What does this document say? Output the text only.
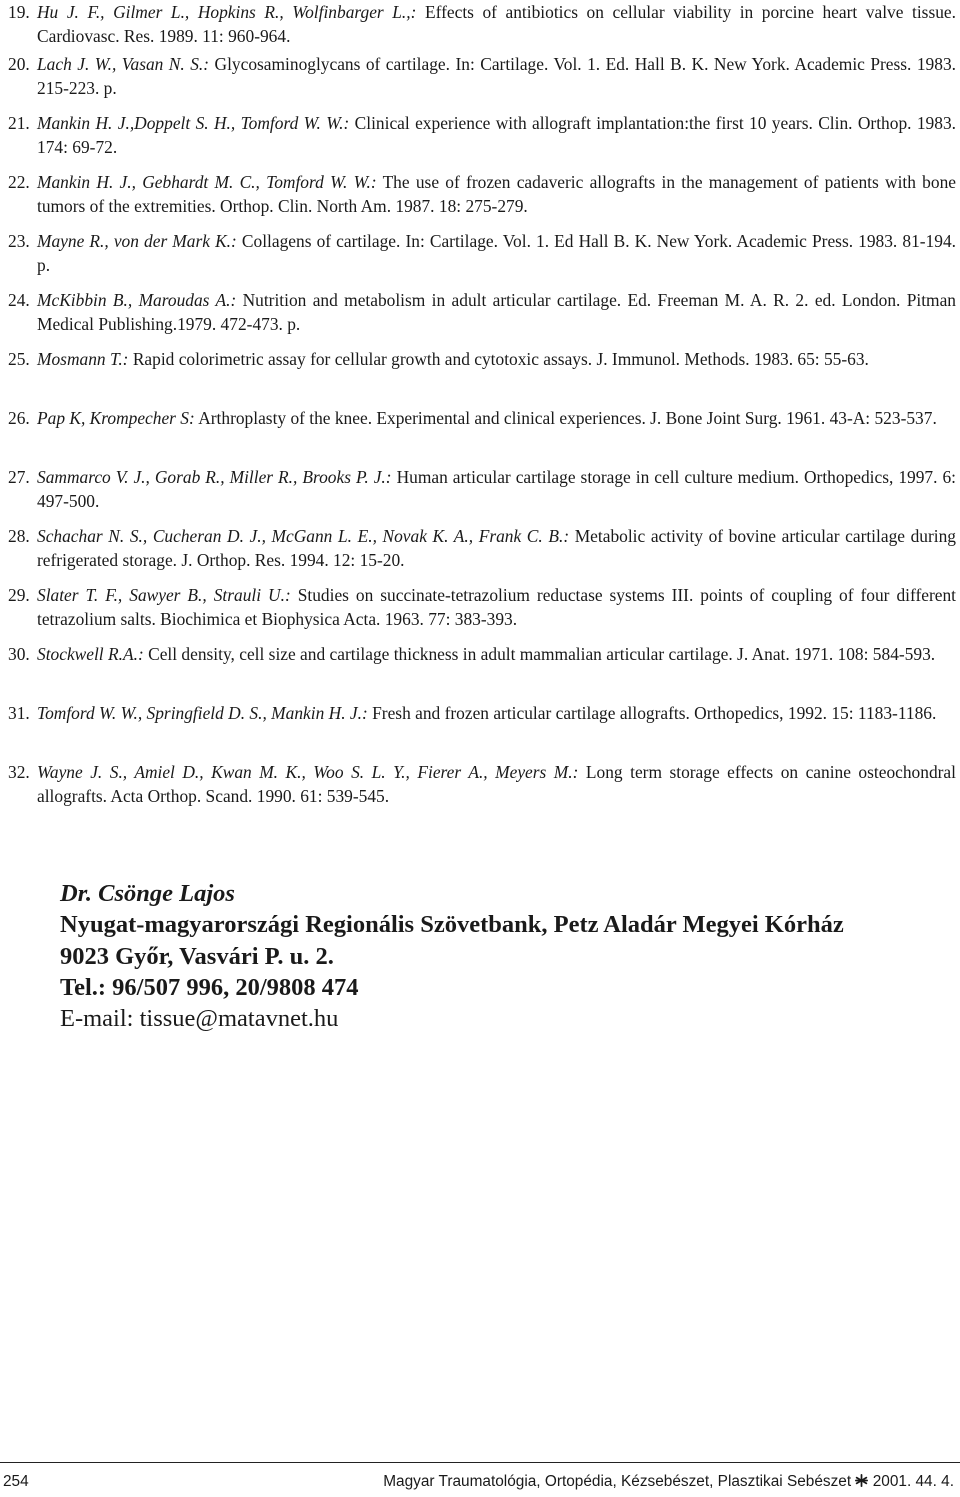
19. Hu J. F., Gilmer L., Hopkins R., Wolfinbarger L.,: Effects of antibiotics on cellular viability in porcine heart valve tissue. Cardiovasc. Res. 1989. 11: 960-964.
20. Lach J. W., Vasan N. S.: Glycosaminoglycans of cartilage. In: Cartilage. Vol. 1. Ed. Hall B. K. New York. Academic Press. 1983. 215-223. p.
21. Mankin H. J.,Doppelt S. H., Tomford W. W.: Clinical experience with allograft implantation:the first 10 years. Clin. Orthop. 1983. 174: 69-72.
22. Mankin H. J., Gebhardt M. C., Tomford W. W.: The use of frozen cadaveric allografts in the management of patients with bone tumors of the extremities. Orthop. Clin. North Am. 1987. 18: 275-279.
23. Mayne R., von der Mark K.: Collagens of cartilage. In: Cartilage. Vol. 1. Ed Hall B. K. New York. Academic Press. 1983. 81-194. p.
24. McKibbin B., Maroudas A.: Nutrition and metabolism in adult articular cartilage. Ed. Freeman M. A. R. 2. ed. London. Pitman Medical Publishing.1979. 472-473. p.
25. Mosmann T.: Rapid colorimetric assay for cellular growth and cytotoxic assays. J. Immunol. Methods. 1983. 65: 55-63.
26. Pap K, Krompecher S: Arthroplasty of the knee. Experimental and clinical experiences. J. Bone Joint Surg. 1961. 43-A: 523-537.
27. Sammarco V. J., Gorab R., Miller R., Brooks P. J.: Human articular cartilage storage in cell culture medium. Orthopedics, 1997. 6: 497-500.
28. Schachar N. S., Cucheran D. J., McGann L. E., Novak K. A., Frank C. B.: Metabolic activity of bovine articular cartilage during refrigerated storage. J. Orthop. Res. 1994. 12: 15-20.
29. Slater T. F., Sawyer B., Strauli U.: Studies on succinate-tetrazolium reductase systems III. points of coupling of four different tetrazolium salts. Biochimica et Biophysica Acta. 1963. 77: 383-393.
30. Stockwell R.A.: Cell density, cell size and cartilage thickness in adult mammalian articular cartilage. J. Anat. 1971. 108: 584-593.
31. Tomford W. W., Springfield D. S., Mankin H. J.: Fresh and frozen articular cartilage allografts. Orthopedics, 1992. 15: 1183-1186.
32. Wayne J. S., Amiel D., Kwan M. K., Woo S. L. Y., Fierer A., Meyers M.: Long term storage effects on canine osteochondral allografts. Acta Orthop. Scand. 1990. 61: 539-545.
Dr. Csönge Lajos
Nyugat-magyarországi Regionális Szövetbank, Petz Aladár Megyei Kórház
9023 Győr, Vasvári P. u. 2.
Tel.: 96/507 996, 20/9808 474
E-mail: tissue@matavnet.hu
254	Magyar Traumatológia, Ortopédia, Kézsebészet, Plasztikai Sebészet 2001. 44. 4.
